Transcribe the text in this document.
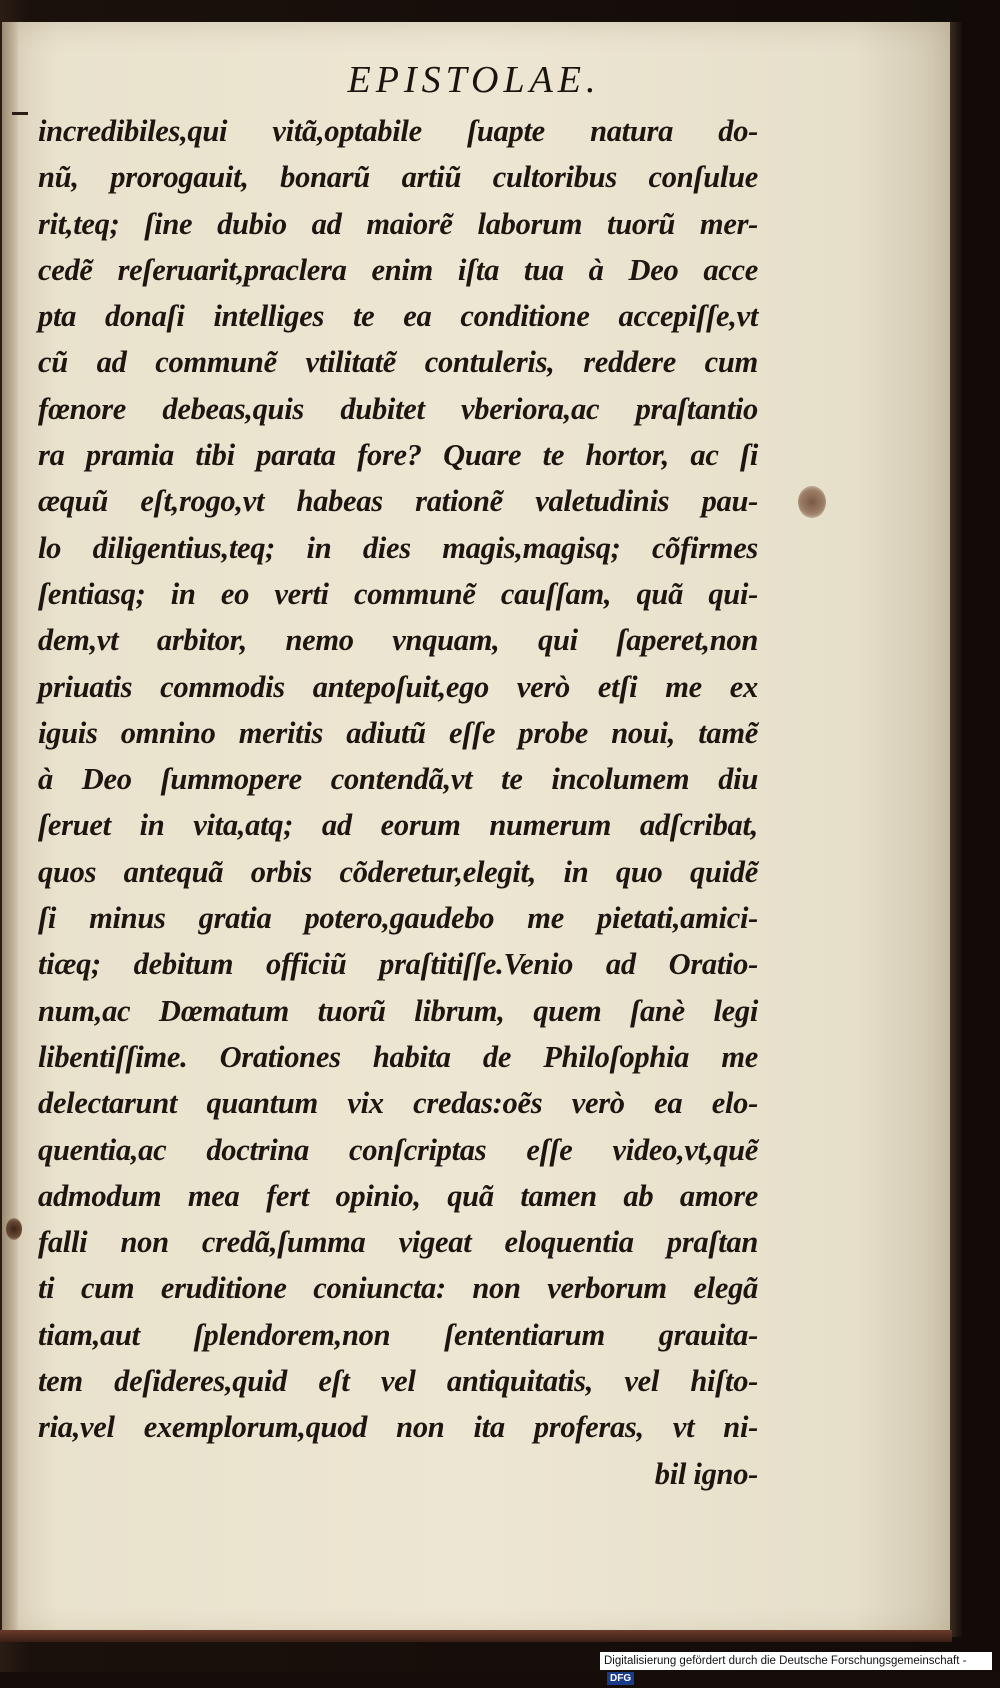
EPISTOLAE.
incredibiles,qui vitã,optabile ſuapte natura do-
nũ, prorogauit, bonarũ artiũ cultoribus conſulue
rit,teq; ſine dubio ad maiorẽ laborum tuorũ mer-
cedẽ reſeruarit,praclera enim iſta tua à Deo acce
pta donaſi intelliges te ea conditione accepiſſe,vt
cũ ad communẽ vtilitatẽ contuleris, reddere cum
fœnore debeas,quis dubitet vberiora,ac praſtantio
ra pramia tibi parata fore? Quare te hortor, ac ſi
æquũ eſt,rogo,vt habeas rationẽ valetudinis pau-
lo diligentius,teq; in dies magis,magisq; cõfirmes
ſentiasq; in eo verti communẽ cauſſam, quã qui-
dem,vt arbitor, nemo vnquam, qui ſaperet,non
priuatis commodis antepoſuit,ego verò etſi me ex
iguis omnino meritis adiutũ eſſe probe noui, tamẽ
à Deo ſummopere contendã,vt te incolumem diu
ſeruet in vita,atq; ad eorum numerum adſcribat,
quos antequã orbis cõderetur,elegit, in quo quidẽ
ſi minus gratia potero,gaudebo me pietati,amici-
tiæq; debitum officiũ praſtitiſſe.Venio ad Oratio-
num,ac Dœmatum tuorũ librum, quem ſanè legi
libentiſſime. Orationes habita de Philoſophia me
delectarunt quantum vix credas:oẽs verò ea elo-
quentia,ac doctrina conſcriptas eſſe video,vt,quẽ
admodum mea fert opinio, quã tamen ab amore
falli non credã,ſumma vigeat eloquentia praſtan
ti cum eruditione coniuncta: non verborum elegã
tiam,aut ſplendorem,non ſententiarum grauita-
tem deſideres,quid eſt vel antiquitatis, vel hiſto-
ria,vel exemplorum,quod non ita proferas, vt ni-
bil igno-
Digitalisierung gefördert durch die Deutsche Forschungsgemeinschaft -DFG
